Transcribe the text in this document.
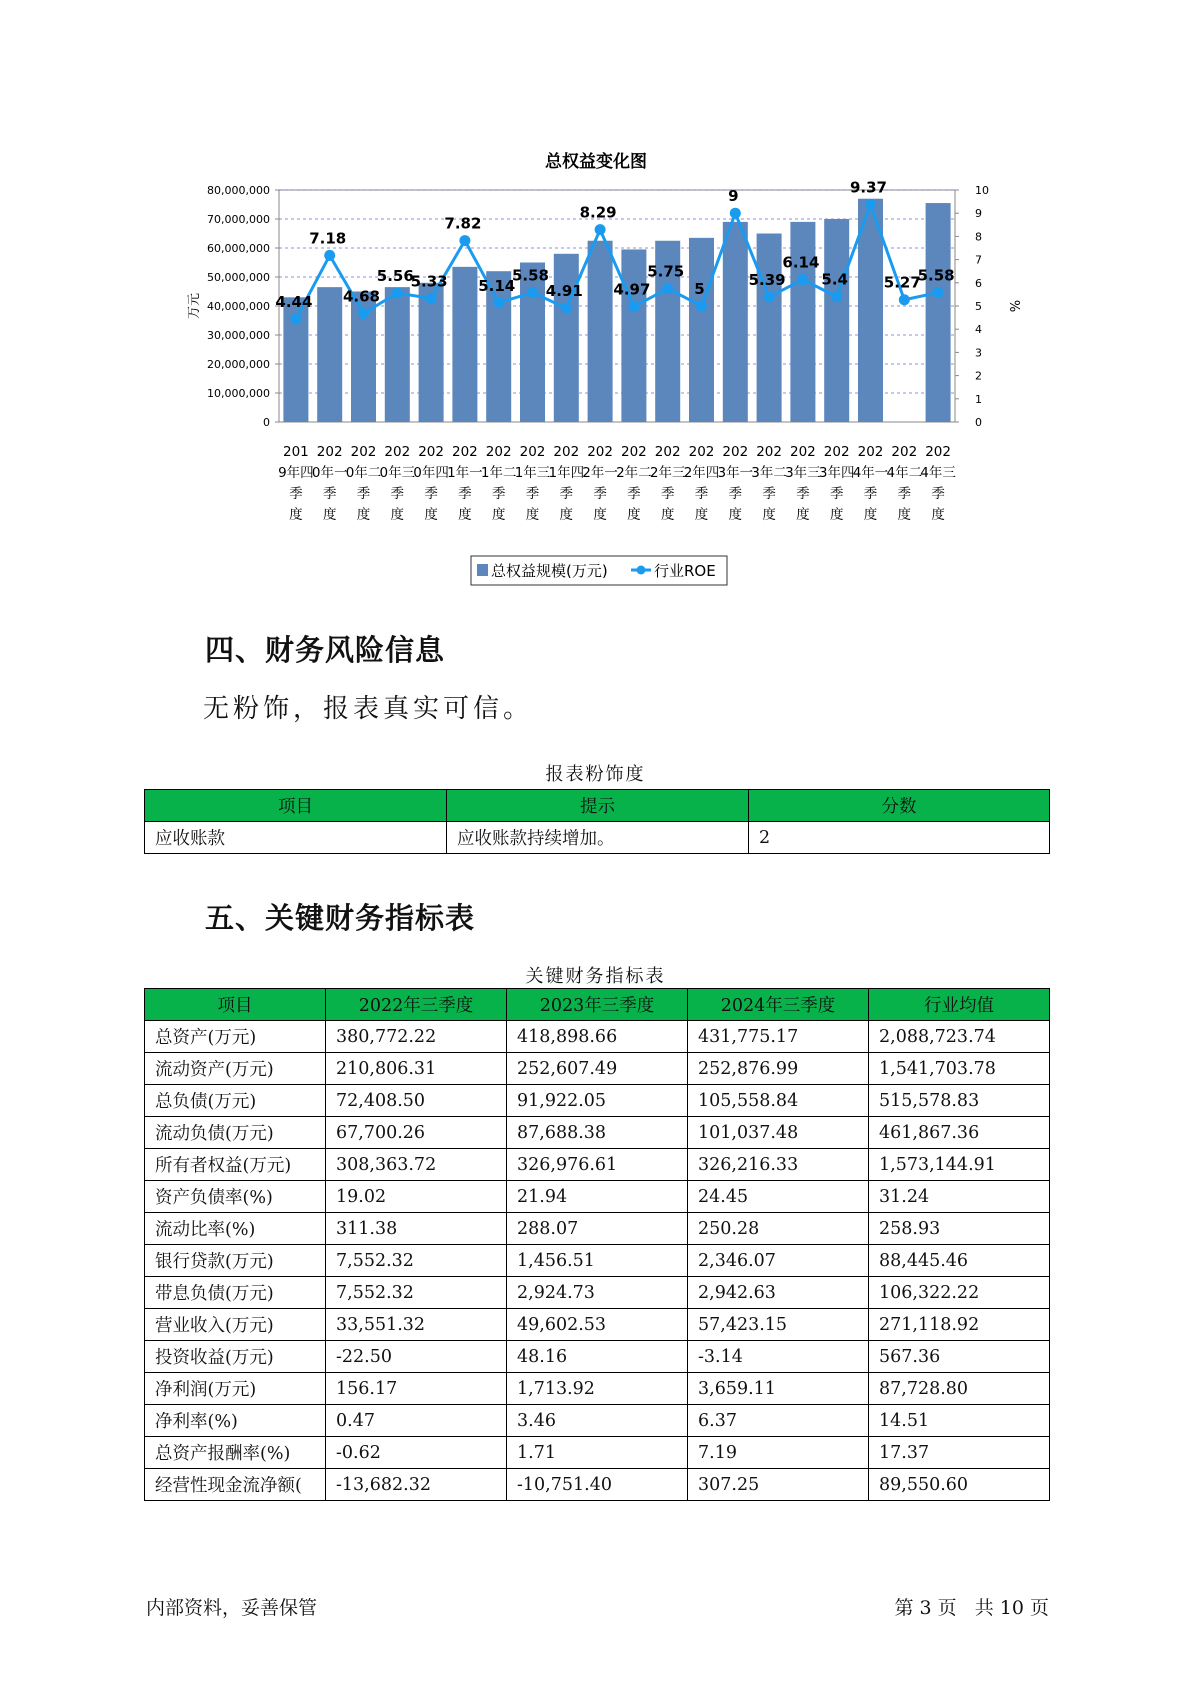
总权益变化图
0
10,000,000
20,000,000
30,000,000
40,000,000
50,000,000
60,000,000
70,000,000
80,000,000
0
1
2
3
4
5
6
7
8
9
10
万元	%
4.44
7.18
4.68
5.56
5.33
7.82
5.14
5.58
4.91
8.29
4.97
5.75
5
9
5.39
6.14
5.4
9.37
5.27
5.58
201 9年四季度
202 0年一季度
202 0年二季度
202 0年三季度
202 0年四季度
202 1年一季度
202 1年二季度
202 1年三季度
202 1年四季度
202 2年一季度
202 2年二季度
202 2年三季度
202 2年四季度
202 3年一季度
202 3年二季度
202 3年三季度
202 3年四季度
202 4年一季度
202 4年二季度
202 4年三季度
总权益规模(万元)	行业ROE
四、财务风险信息
无粉饰，报表真实可信。
报表粉饰度
项目	提示	分数
应收账款	应收账款持续增加。	2
五、关键财务指标表
关键财务指标表
项目	2022年三季度	2023年三季度	2024年三季度	行业均值
总资产(万元)	380,772.22	418,898.66	431,775.17	2,088,723.74
流动资产(万元)	210,806.31	252,607.49	252,876.99	1,541,703.78
总负债(万元)	72,408.50	91,922.05	105,558.84	515,578.83
流动负债(万元)	67,700.26	87,688.38	101,037.48	461,867.36
所有者权益(万元)	308,363.72	326,976.61	326,216.33	1,573,144.91
资产负债率(%)	19.02	21.94	24.45	31.24
流动比率(%)	311.38	288.07	250.28	258.93
银行贷款(万元)	7,552.32	1,456.51	2,346.07	88,445.46
带息负债(万元)	7,552.32	2,924.73	2,942.63	106,322.22
营业收入(万元)	33,551.32	49,602.53	57,423.15	271,118.92
投资收益(万元)	-22.50	48.16	-3.14	567.36
净利润(万元)	156.17	1,713.92	3,659.11	87,728.80
净利率(%)	0.47	3.46	6.37	14.51
总资产报酬率(%)	-0.62	1.71	7.19	17.37
经营性现金流净额(	-13,682.32	-10,751.40	307.25	89,550.60
内部资料，妥善保管	第 3 页   共 10 页
